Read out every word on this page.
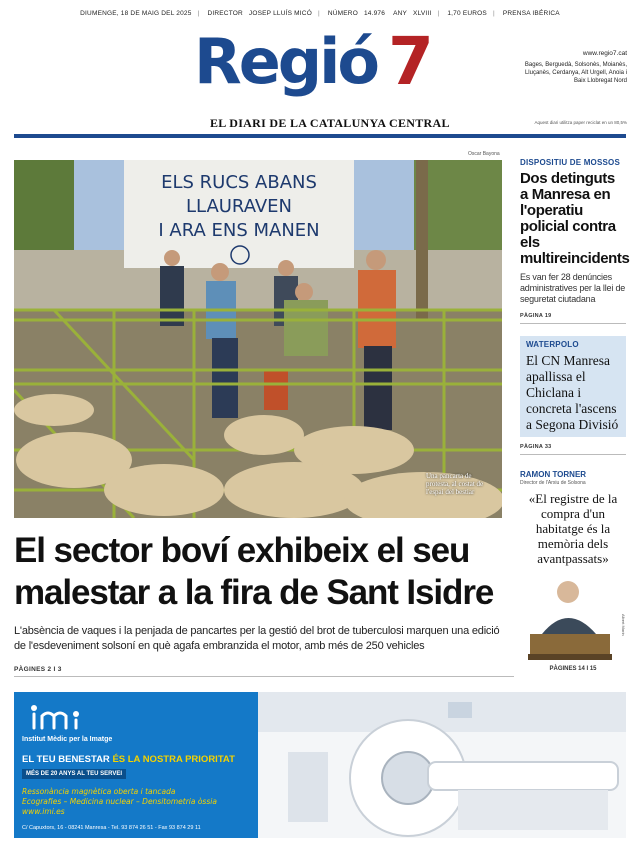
DIUMENGE, 18 DE MAIG DEL 2025 | DIRECTOR JOSEP LLUÍS MICÓ | NÚMERO 14.976 ANY XLVIII | 1,70 EUROS | PRENSA IBÉRICA
Regió 7
EL DIARI DE LA CATALUNYA CENTRAL
www.regio7.cat
Bages, Berguedà, Solsonès, Moianès, Lluçanès, Cerdanya, Alt Urgell, Anoia i Baix Llobregat Nord
Aquest diari utilitza paper reciclat en un 80,5%
Oscar Bayona
ELS RUCS ABANS
LLAURAVEN
I ARA ENS MANEN
Una pancarta de protesta, al costat de l'espai del bestiar
El sector boví exhibeix el seu malestar a la fira de Sant Isidre

L'absència de vaques i la penjada de pancartes per la gestió del brot de tuberculosi marquen una edició de l'esdeveniment solsoní en què agafa embranzida el motor, amb més de 250 vehicles

PÀGINES 2 I 3
DISPOSITIU DE MOSSOS
Dos detinguts a Manresa en l'operatiu policial contra els multireincidents
Es van fer 28 denúncies administratives per la llei de seguretat ciutadana
PÀGINA 19
WATERPOLO
El CN Manresa apallissa el Chiclana i concreta l'ascens a Segona Divisió
PÀGINA 33
RAMON TORNER
Director de l'Arxiu de Solsona
«El registre de la compra d'un habitatge és la memòria dels avantpassats»
Albert Marín
PÀGINES 14 I 15
Institut Mèdic per la Imatge
EL TEU BENESTAR ÉS LA NOSTRA PRIORITAT
MÉS DE 20 ANYS AL TEU SERVEI
Ressonància magnètica oberta i tancada
Ecografies – Medicina nuclear – Densitometria òssia
www.imi.es
C/ Capuxtors, 16 - 08241 Manresa - Tel. 93 874 26 51 - Fax 93 874 29 11
